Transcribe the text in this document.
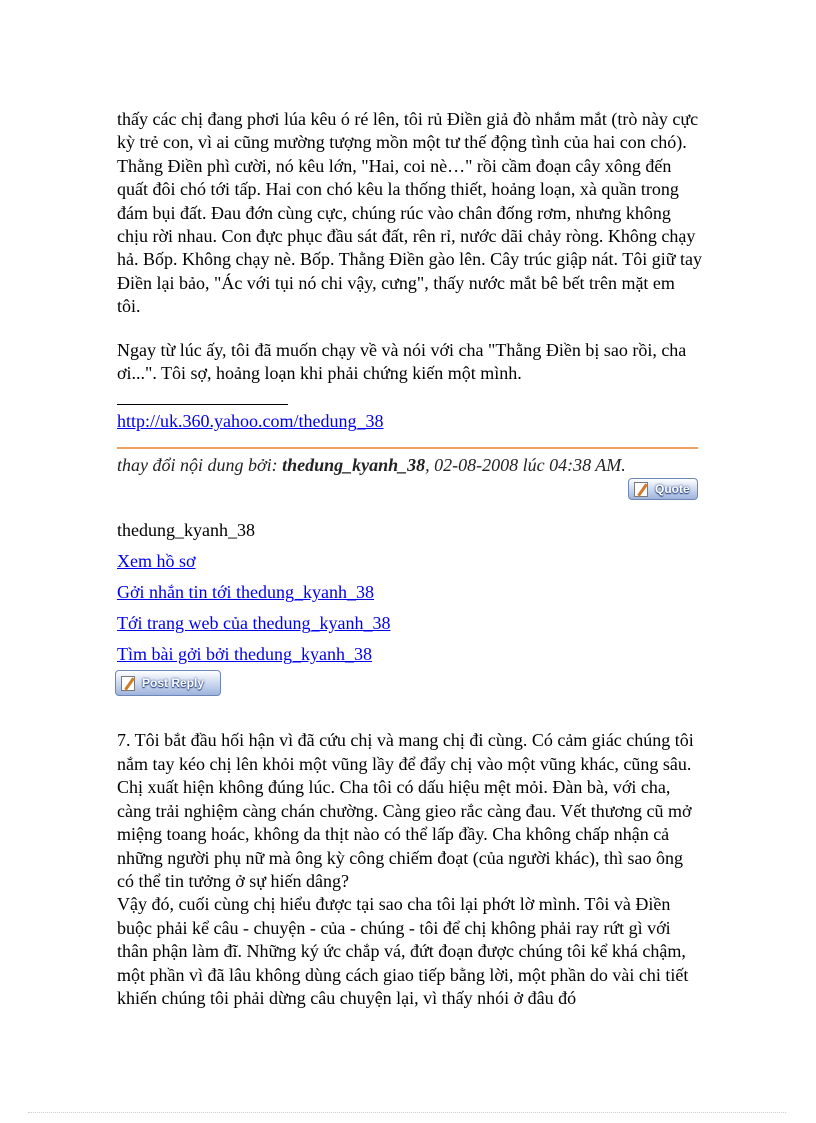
thấy các chị đang phơi lúa kêu ó ré lên, tôi rủ Điền giả đò nhắm mắt (trò này cực kỳ trẻ con, vì ai cũng mường tượng mồn một tư thế động tình của hai con chó). Thằng Điền phì cười, nó kêu lớn, "Hai, coi nè…" rồi cầm đoạn cây xông đến quất đôi chó tới tấp. Hai con chó kêu la thống thiết, hoảng loạn, xà quần trong đám bụi đất. Đau đớn cùng cực, chúng rúc vào chân đống rơm, nhưng không chịu rời nhau. Con đực phục đầu sát đất, rên rỉ, nước dãi chảy ròng. Không chạy hả. Bốp. Không chạy nè. Bốp. Thằng Điền gào lên. Cây trúc giập nát. Tôi giữ tay Điền lại bảo, "Ác với tụi nó chi vậy, cưng", thấy nước mắt bê bết trên mặt em tôi.

Ngay từ lúc ấy, tôi đã muốn chạy về và nói với cha "Thằng Điền bị sao rồi, cha ơi...". Tôi sợ, hoảng loạn khi phải chứng kiến một mình.

http://uk.360.yahoo.com/thedung_38
thay đổi nội dung bởi: thedung_kyanh_38, 02-08-2008 lúc 04:38 AM.
Quote
thedung_kyanh_38
Xem hồ sơ
Gởi nhắn tin tới thedung_kyanh_38
Tới trang web của thedung_kyanh_38
Tìm bài gởi bởi thedung_kyanh_38
Post Reply

7. Tôi bắt đầu hối hận vì đã cứu chị và mang chị đi cùng. Có cảm giác chúng tôi nắm tay kéo chị lên khỏi một vũng lầy để đẩy chị vào một vũng khác, cũng sâu.
Chị xuất hiện không đúng lúc. Cha tôi có dấu hiệu mệt mỏi. Đàn bà, với cha, càng trải nghiệm càng chán chường. Càng gieo rắc càng đau. Vết thương cũ mở miệng toang hoác, không da thịt nào có thể lấp đầy. Cha không chấp nhận cả những người phụ nữ mà ông kỳ công chiếm đoạt (của người khác), thì sao ông có thể tin tưởng ở sự hiến dâng?
Vậy đó, cuối cùng chị hiểu được tại sao cha tôi lại phớt lờ mình. Tôi và Điền buộc phải kể câu - chuyện - của - chúng - tôi để chị không phải ray rứt gì với thân phận làm đĩ. Những ký ức chắp vá, đứt đoạn được chúng tôi kể khá chậm, một phần vì đã lâu không dùng cách giao tiếp bằng lời, một phần do vài chi tiết khiến chúng tôi phải dừng câu chuyện lại, vì thấy nhói ở đâu đó
